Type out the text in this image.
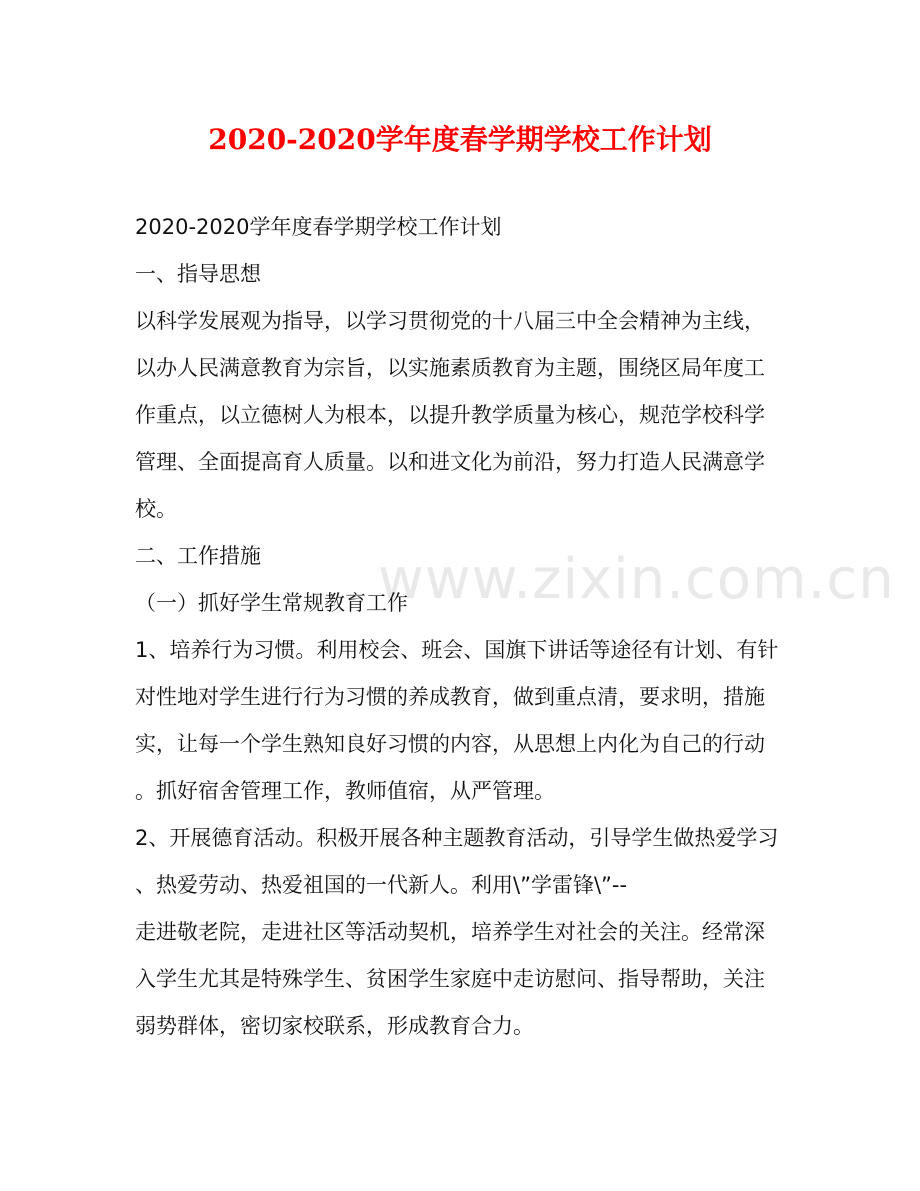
2020-2020学年度春学期学校工作计划
www.zixin.com.cn
2020-2020学年度春学期学校工作计划
一、指导思想
以科学发展观为指导，以学习贯彻党的十八届三中全会精神为主线，
以办人民满意教育为宗旨，以实施素质教育为主题，围绕区局年度工
作重点，以立德树人为根本，以提升教学质量为核心，规范学校科学
管理、全面提高育人质量。以和进文化为前沿，努力打造人民满意学
校。
二、工作措施
（一）抓好学生常规教育工作
1、培养行为习惯。利用校会、班会、国旗下讲话等途径有计划、有针
对性地对学生进行行为习惯的养成教育，做到重点清，要求明，措施
实，让每一个学生熟知良好习惯的内容，从思想上内化为自己的行动
。抓好宿舍管理工作，教师值宿，从严管理。
2、开展德育活动。积极开展各种主题教育活动，引导学生做热爱学习
、热爱劳动、热爱祖国的一代新人。利用\”学雷锋\”--
走进敬老院，走进社区等活动契机，培养学生对社会的关注。经常深
入学生尤其是特殊学生、贫困学生家庭中走访慰问、指导帮助，关注
弱势群体，密切家校联系，形成教育合力。
